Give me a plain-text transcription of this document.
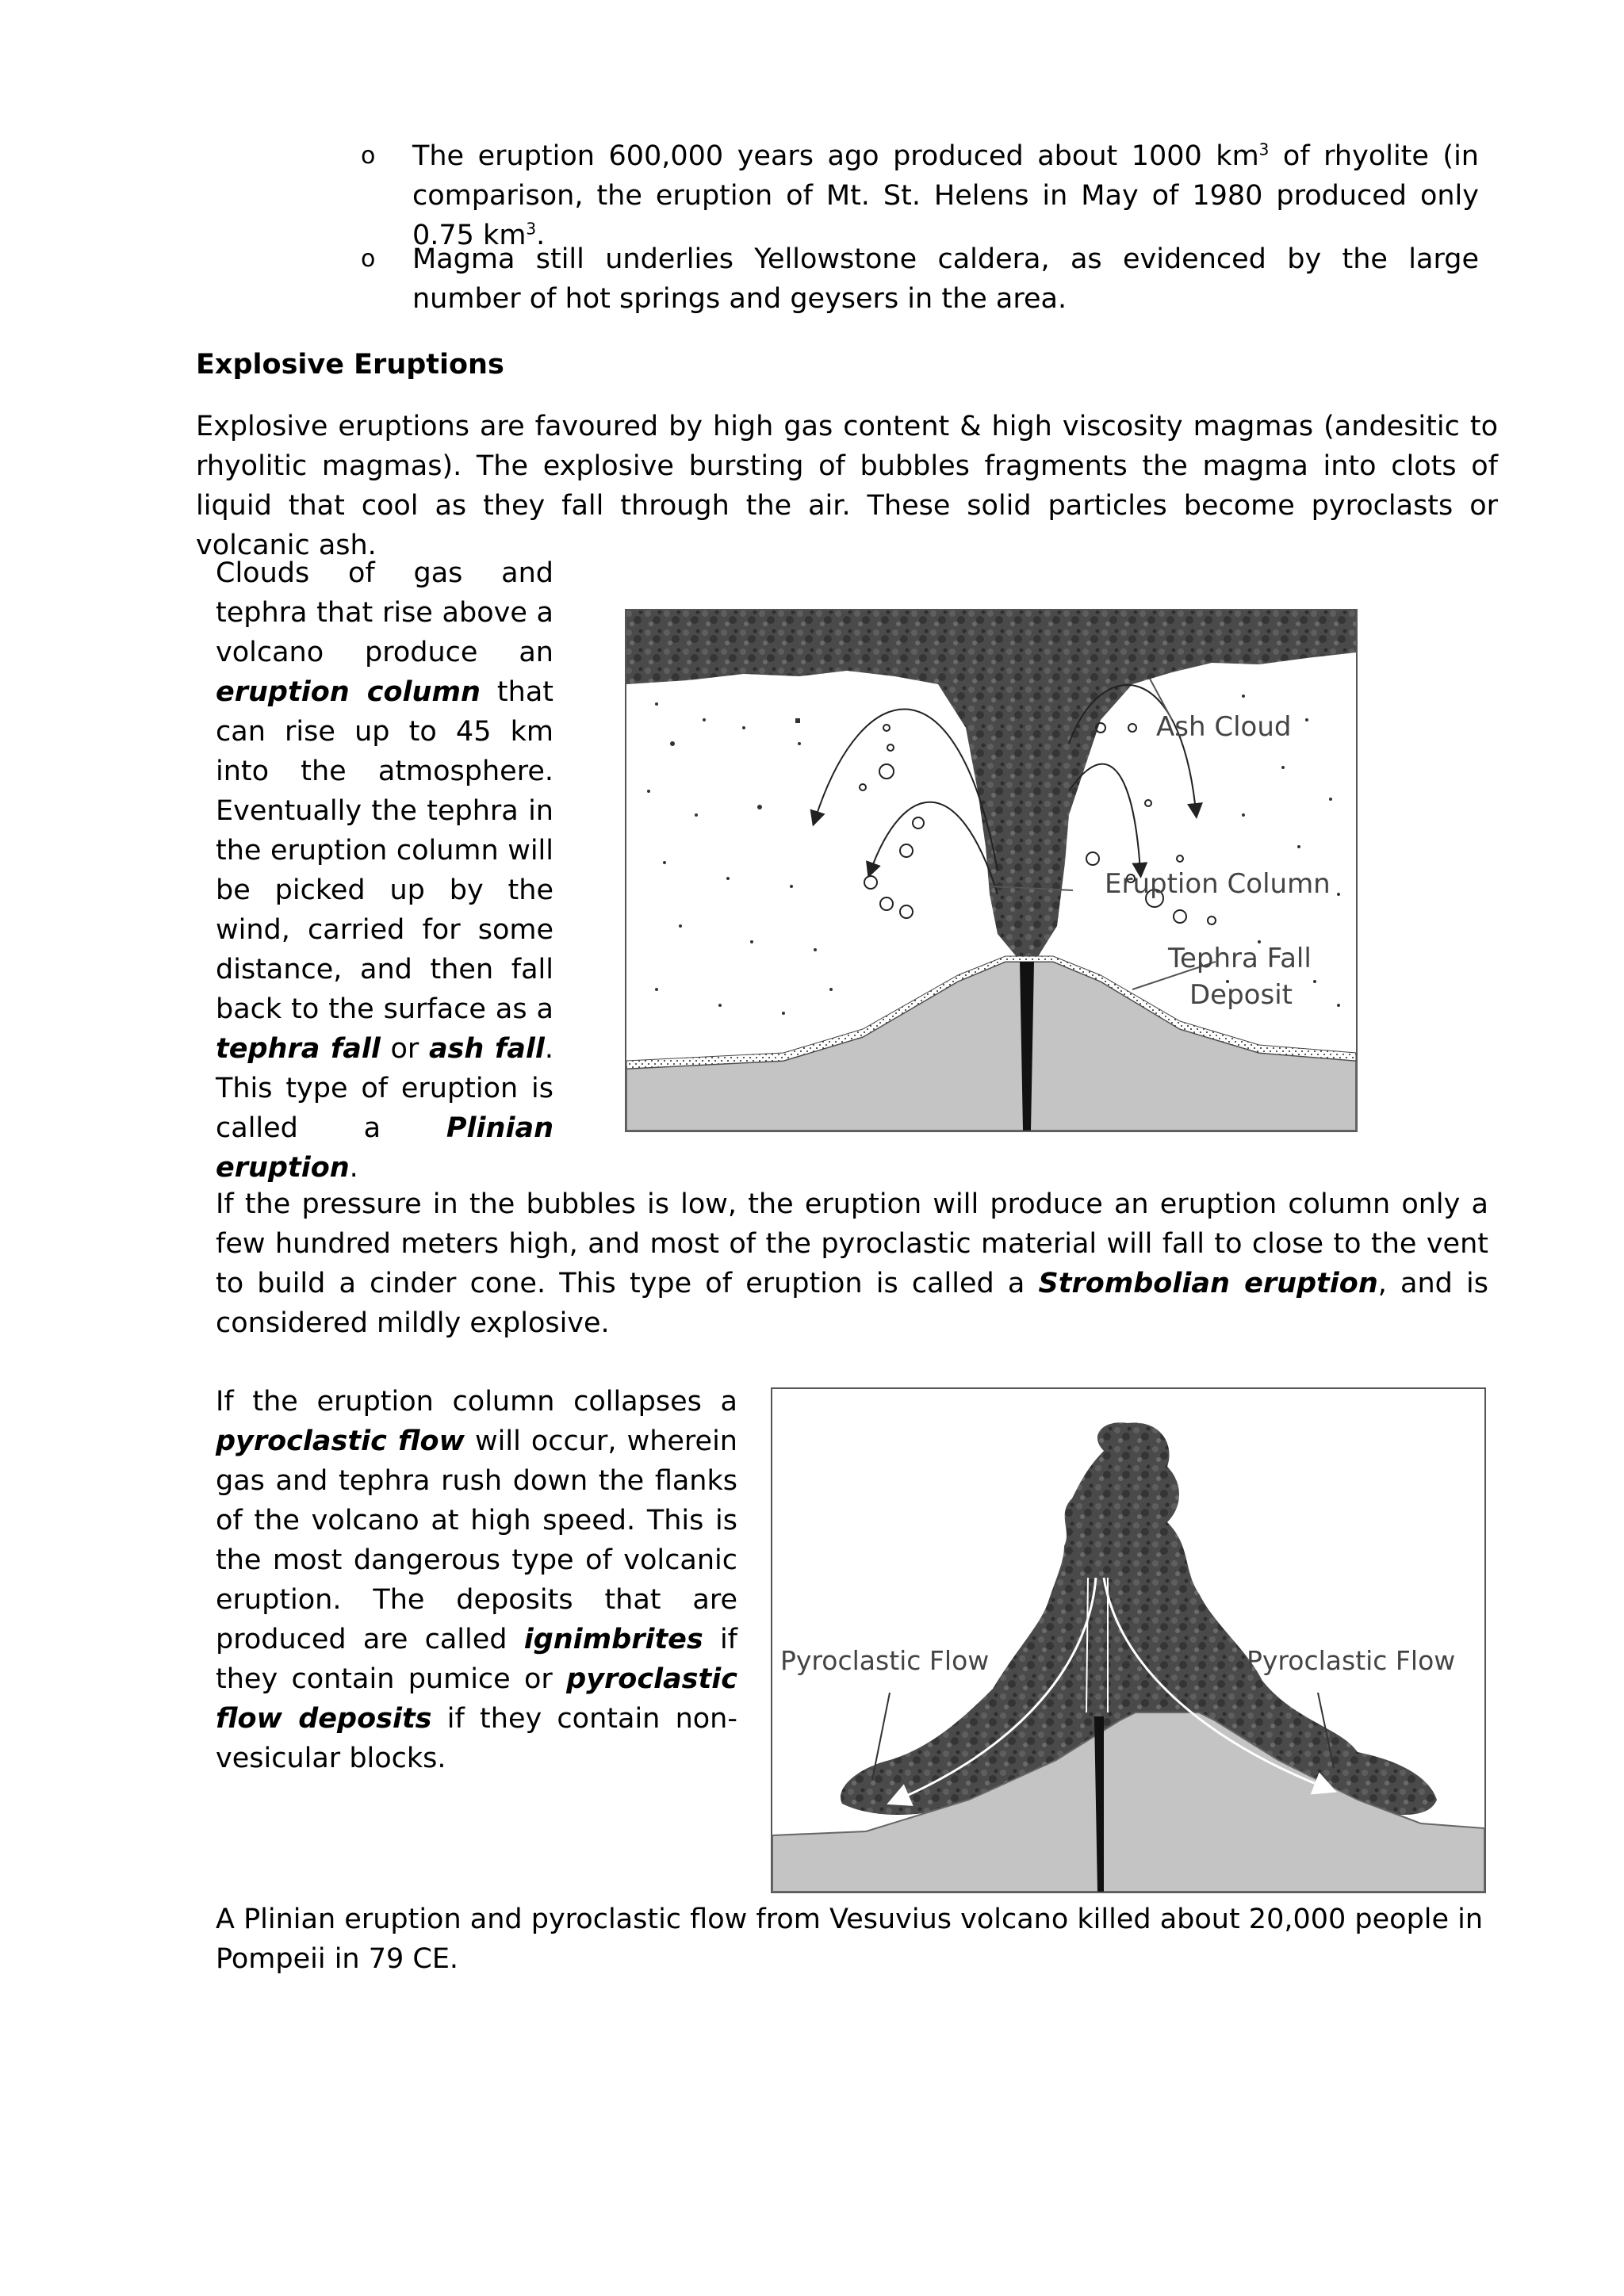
o The eruption 600,000 years ago produced about 1000 $km^3$ of rhyolite (in comparison, the eruption of Mt. St. Helens in May of 1980 produced only 0.75 $km^3$.
o Magma still underlies Yellowstone caldera, as evidenced by the large number of hot springs and geysers in the area.
Explosive Eruptions
Explosive eruptions are favoured by high gas content & high viscosity magmas (andesitic to rhyolitic magmas). The explosive bursting of bubbles fragments the magma into clots of liquid that cool as they fall through the air. These solid particles become pyroclasts or volcanic ash.
Clouds of gas and tephra that rise above a volcano produce an eruption column that can rise up to 45 km into the atmosphere. Eventually the tephra in the eruption column will be picked up by the wind, carried for some distance, and then fall back to the surface as a tephra fall or ash fall. This type of eruption is called a Plinian eruption.
Ash Cloud
Eruption Column
Tephra Fall
Deposit
If the pressure in the bubbles is low, the eruption will produce an eruption column only a few hundred meters high, and most of the pyroclastic material will fall to close to the vent to build a cinder cone. This type of eruption is called a Strombolian eruption, and is considered mildly explosive.
If the eruption column collapses a pyroclastic flow will occur, wherein gas and tephra rush down the flanks of the volcano at high speed. This is the most dangerous type of volcanic eruption. The deposits that are produced are called ignimbrites if they contain pumice or pyroclastic flow deposits if they contain non-vesicular blocks.
Pyroclastic Flow	Pyroclastic Flow
A Plinian eruption and pyroclastic flow from Vesuvius volcano killed about 20,000 people in Pompeii in 79 CE.
